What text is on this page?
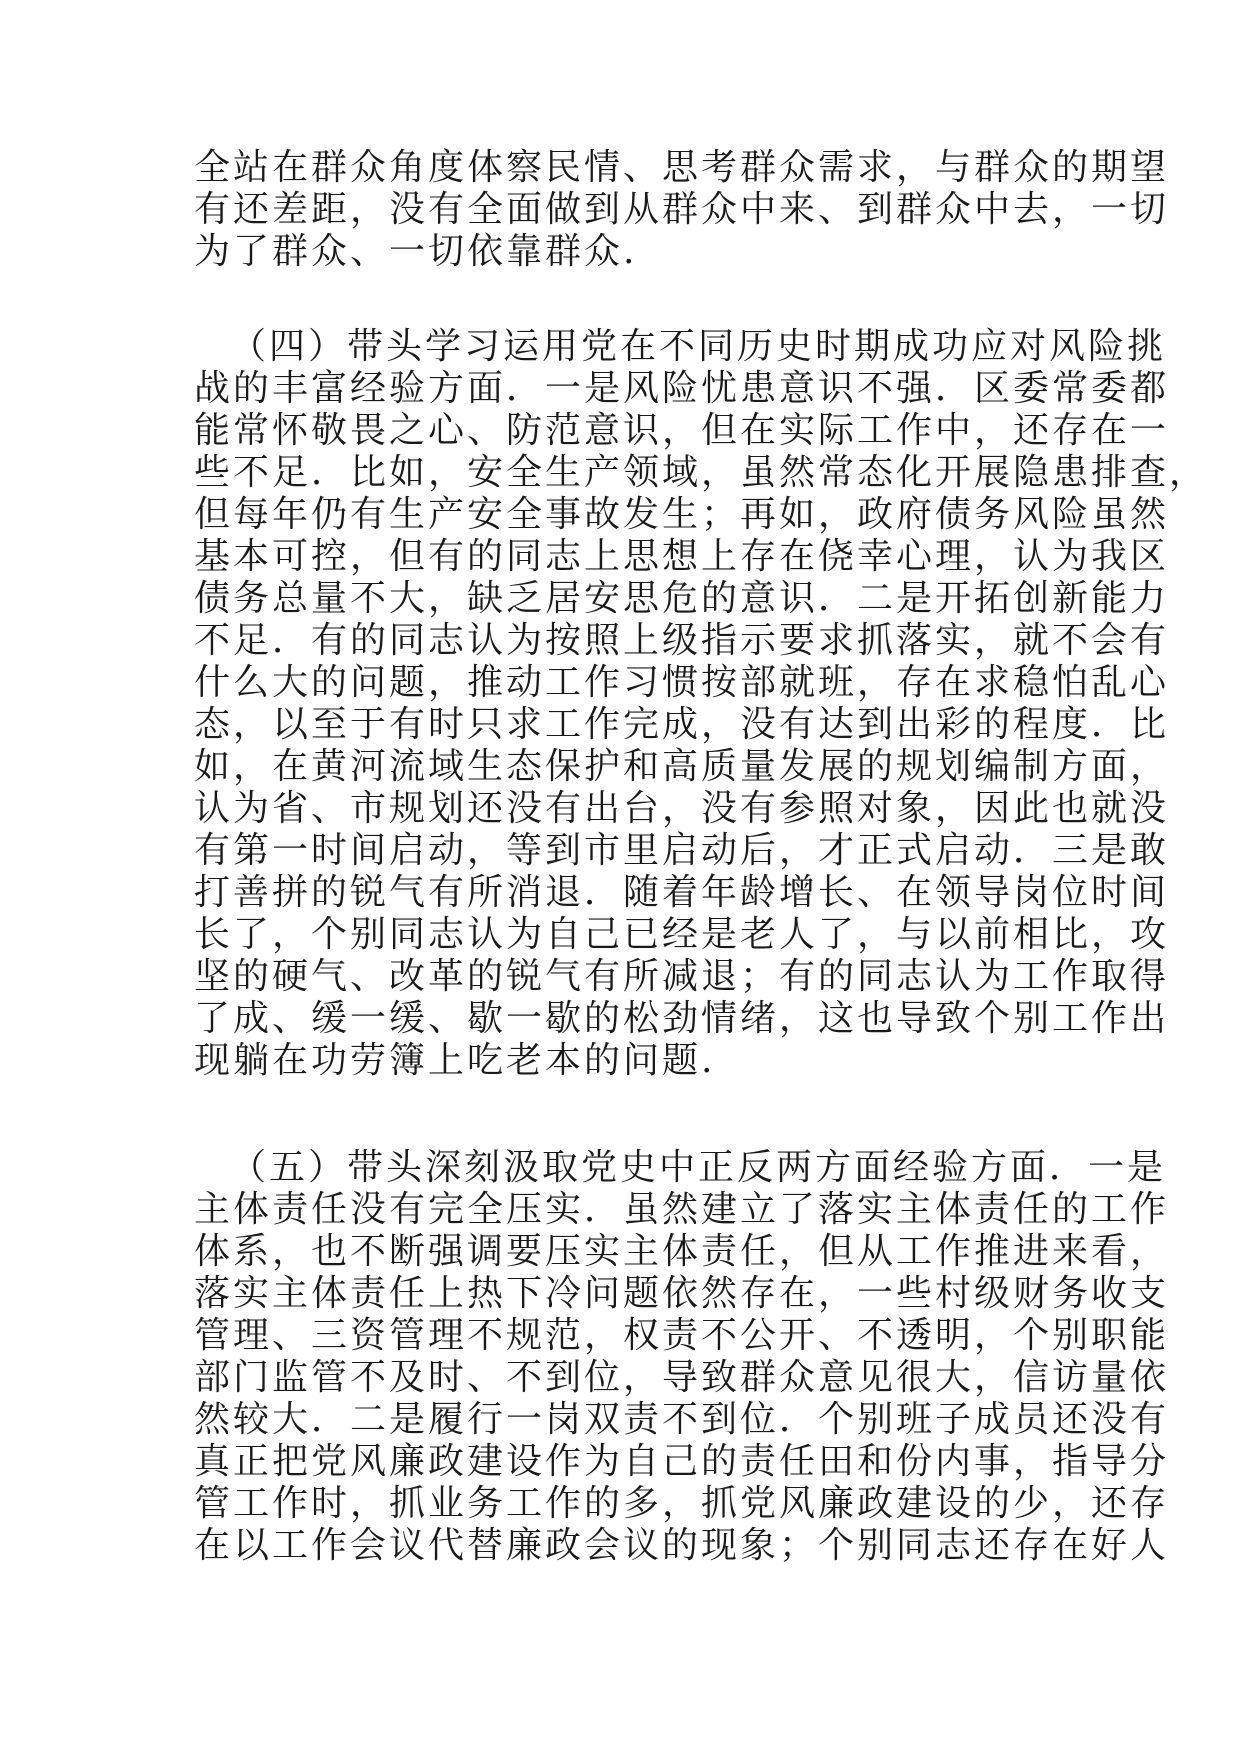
全站在群众角度体察民情、思考群众需求，与群众的期望
有还差距，没有全面做到从群众中来、到群众中去，一切
为了群众、一切依靠群众.
（四）带头学习运用党在不同历史时期成功应对风险挑
战的丰富经验方面．一是风险忧患意识不强．区委常委都
能常怀敬畏之心、防范意识，但在实际工作中，还存在一
些不足．比如，安全生产领域，虽然常态化开展隐患排查，
但每年仍有生产安全事故发生；再如，政府债务风险虽然
基本可控，但有的同志上思想上存在侥幸心理，认为我区
债务总量不大，缺乏居安思危的意识．二是开拓创新能力
不足．有的同志认为按照上级指示要求抓落实，就不会有
什么大的问题，推动工作习惯按部就班，存在求稳怕乱心
态，以至于有时只求工作完成，没有达到出彩的程度．比
如，在黄河流域生态保护和高质量发展的规划编制方面，
认为省、市规划还没有出台，没有参照对象，因此也就没
有第一时间启动，等到市里启动后，才正式启动．三是敢
打善拼的锐气有所消退．随着年龄增长、在领导岗位时间
长了，个别同志认为自己已经是老人了，与以前相比，攻
坚的硬气、改革的锐气有所减退；有的同志认为工作取得
了成、缓一缓、歇一歇的松劲情绪，这也导致个别工作出
现躺在功劳簿上吃老本的问题.
（五）带头深刻汲取党史中正反两方面经验方面．一是
主体责任没有完全压实．虽然建立了落实主体责任的工作
体系，也不断强调要压实主体责任，但从工作推进来看，
落实主体责任上热下冷问题依然存在，一些村级财务收支
管理、三资管理不规范，权责不公开、不透明，个别职能
部门监管不及时、不到位，导致群众意见很大，信访量依
然较大．二是履行一岗双责不到位．个别班子成员还没有
真正把党风廉政建设作为自己的责任田和份内事，指导分
管工作时，抓业务工作的多，抓党风廉政建设的少，还存
在以工作会议代替廉政会议的现象；个别同志还存在好人
